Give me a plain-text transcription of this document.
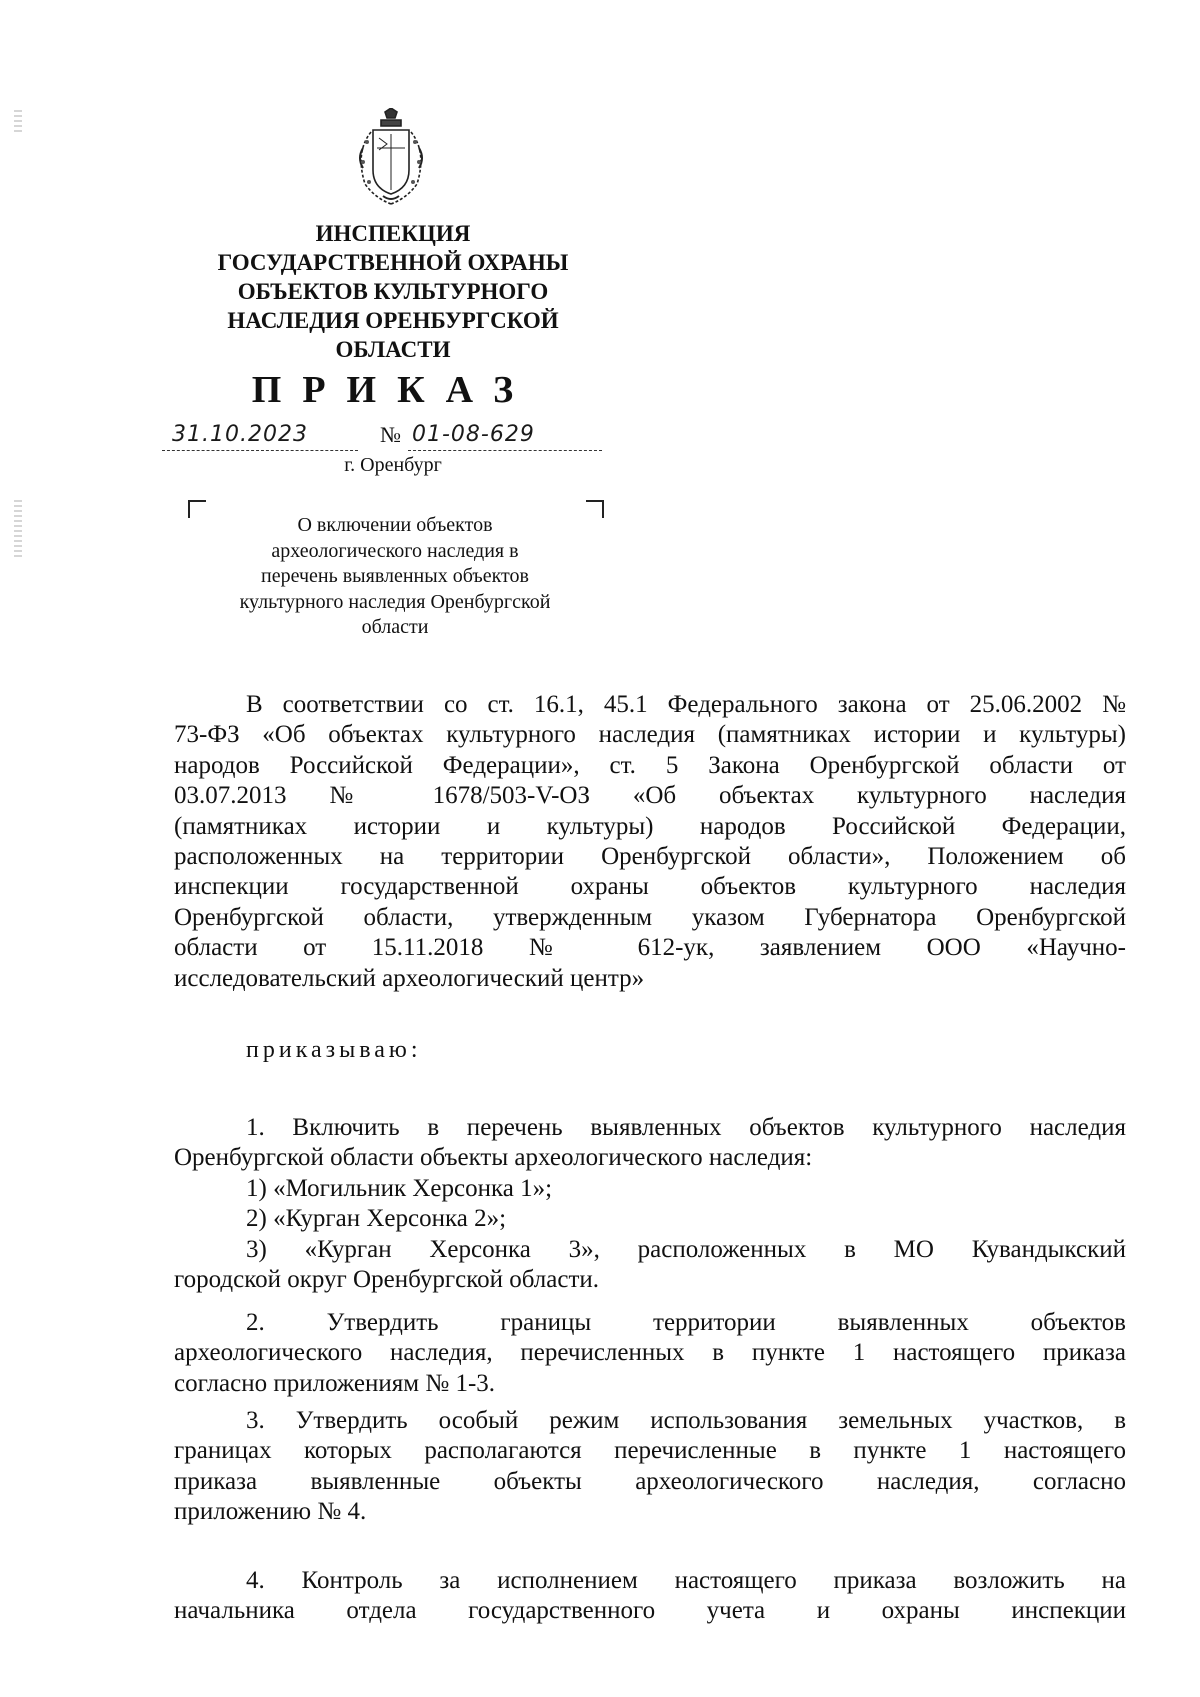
ИНСПЕКЦИЯ
ГОСУДАРСТВЕННОЙ ОХРАНЫ
ОБЪЕКТОВ КУЛЬТУРНОГО
НАСЛЕДИЯ ОРЕНБУРГСКОЙ
ОБЛАСТИ
ПРИКАЗ
31.10.2023	№ 01-08-629
г. Оренбург
О включении объектов
археологического наследия в
перечень выявленных объектов
культурного наследия Оренбургской
области
В соответствии со ст. 16.1, 45.1 Федерального закона от 25.06.2002 №
73-ФЗ «Об объектах культурного наследия (памятниках истории и культуры)
народов Российской Федерации», ст. 5 Закона Оренбургской области от
03.07.2013 № 1678/503-V-ОЗ «Об объектах культурного наследия
(памятниках истории и культуры) народов Российской Федерации,
расположенных на территории Оренбургской области», Положением об
инспекции государственной охраны объектов культурного наследия
Оренбургской области, утвержденным указом Губернатора Оренбургской
области от 15.11.2018 № 612-ук, заявлением ООО «Научно-
исследовательский археологический центр»
приказываю:
1. Включить в перечень выявленных объектов культурного наследия
Оренбургской области объекты археологического наследия:
1) «Могильник Херсонка 1»;
2) «Курган Херсонка 2»;
3) «Курган Херсонка 3», расположенных в МО Кувандыкский
городской округ Оренбургской области.
2. Утвердить границы территории выявленных объектов
археологического наследия, перечисленных в пункте 1 настоящего приказа
согласно приложениям № 1-3.
3. Утвердить особый режим использования земельных участков, в
границах которых располагаются перечисленные в пункте 1 настоящего
приказа выявленные объекты археологического наследия, согласно
приложению № 4.
4. Контроль за исполнением настоящего приказа возложить на
начальника отдела государственного учета и охраны инспекции
